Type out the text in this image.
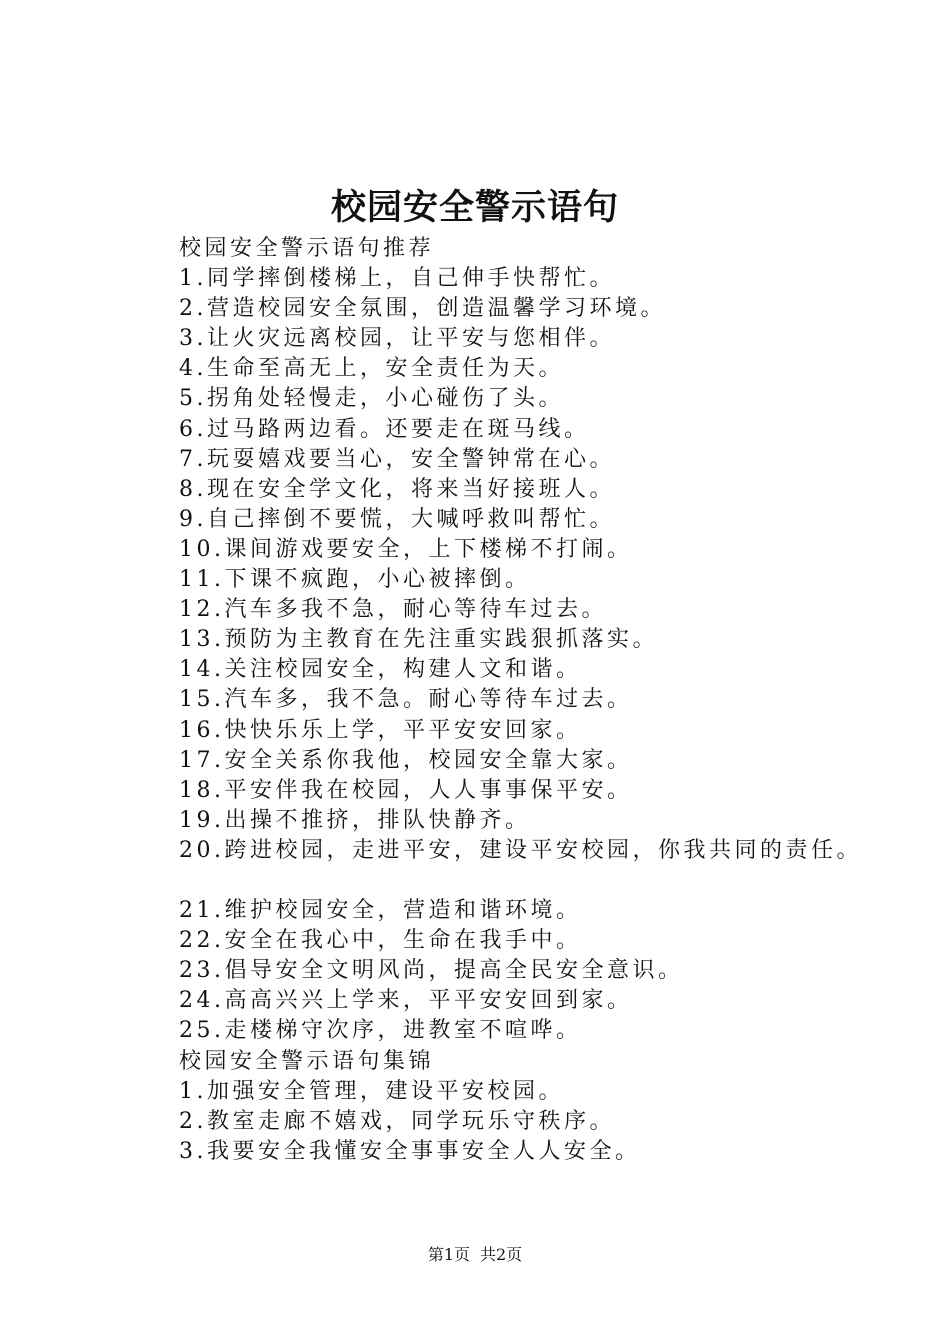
校园安全警示语句
校园安全警示语句推荐
1.同学摔倒楼梯上，自己伸手快帮忙。
2.营造校园安全氛围，创造温馨学习环境。
3.让火灾远离校园，让平安与您相伴。
4.生命至高无上，安全责任为天。
5.拐角处轻慢走，小心碰伤了头。
6.过马路两边看。还要走在斑马线。
7.玩耍嬉戏要当心，安全警钟常在心。
8.现在安全学文化，将来当好接班人。
9.自己摔倒不要慌，大喊呼救叫帮忙。
10.课间游戏要安全，上下楼梯不打闹。
11.下课不疯跑，小心被摔倒。
12.汽车多我不急，耐心等待车过去。
13.预防为主教育在先注重实践狠抓落实。
14.关注校园安全，构建人文和谐。
15.汽车多，我不急。耐心等待车过去。
16.快快乐乐上学，平平安安回家。
17.安全关系你我他，校园安全靠大家。
18.平安伴我在校园，人人事事保平安。
19.出操不推挤，排队快静齐。
20.跨进校园，走进平安，建设平安校园，你我共同的责任。
21.维护校园安全，营造和谐环境。
22.安全在我心中，生命在我手中。
23.倡导安全文明风尚，提高全民安全意识。
24.高高兴兴上学来，平平安安回到家。
25.走楼梯守次序，进教室不喧哗。
校园安全警示语句集锦
1.加强安全管理，建设平安校园。
2.教室走廊不嬉戏，同学玩乐守秩序。
3.我要安全我懂安全事事安全人人安全。
第1页 共2页
